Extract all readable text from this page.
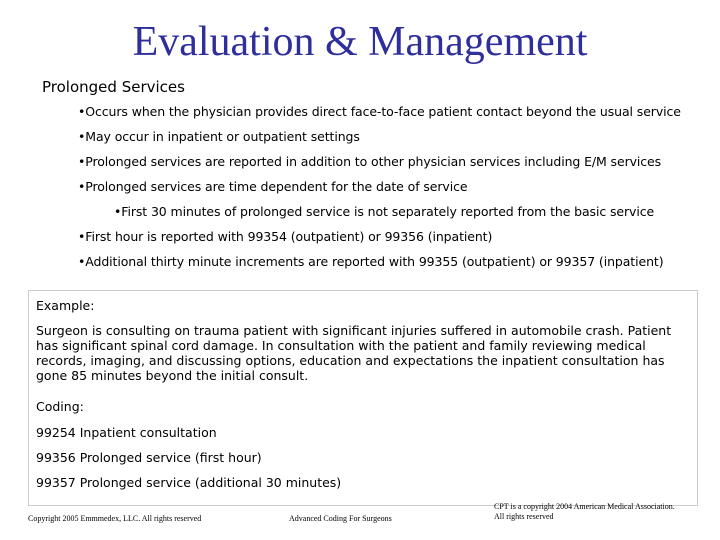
Evaluation & Management
Prolonged Services
•Occurs when the physician provides direct face-to-face patient contact beyond the usual service
•May occur in inpatient or outpatient settings
•Prolonged services are reported in addition to other physician services including E/M services
•Prolonged services are time dependent for the date of service
•First 30 minutes of prolonged service is not separately reported from the basic service
•First hour is reported with 99354 (outpatient) or 99356 (inpatient)
•Additional thirty minute increments are reported with 99355 (outpatient) or 99357 (inpatient)
Example:
Surgeon is consulting on trauma patient with significant injuries suffered in automobile crash. Patient has significant spinal cord damage. In consultation with the patient and family reviewing medical records, imaging, and discussing options, education and expectations the inpatient consultation has gone 85 minutes beyond the initial consult.
Coding:
99254 Inpatient consultation
99356 Prolonged service (first hour)
99357 Prolonged service (additional 30 minutes)
Copyright 2005 Emmmedex, LLC. All rights reserved	Advanced Coding For Surgeons
CPT is a copyright 2004 American Medical Association.
All rights reserved
